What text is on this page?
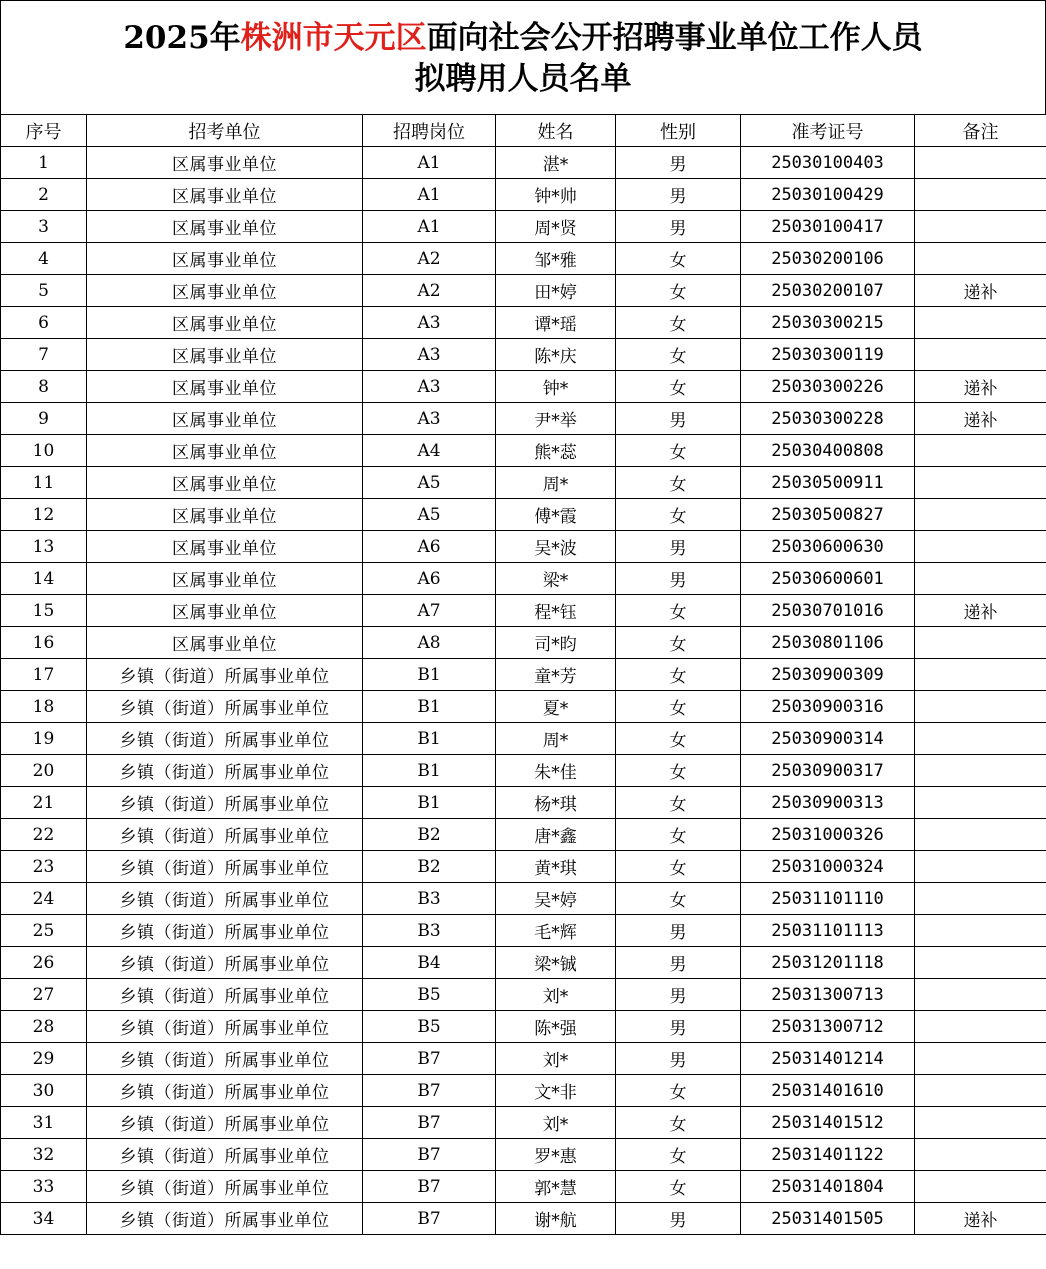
2025年株洲市天元区面向社会公开招聘事业单位工作人员
拟聘用人员名单
序号	招考单位	招聘岗位	姓名	性别	准考证号	备注
1	区属事业单位	A1	湛*	男	25030100403	
2	区属事业单位	A1	钟*帅	男	25030100429	
3	区属事业单位	A1	周*贤	男	25030100417	
4	区属事业单位	A2	邹*雅	女	25030200106	
5	区属事业单位	A2	田*婷	女	25030200107	递补
6	区属事业单位	A3	谭*瑶	女	25030300215	
7	区属事业单位	A3	陈*庆	女	25030300119	
8	区属事业单位	A3	钟*	女	25030300226	递补
9	区属事业单位	A3	尹*举	男	25030300228	递补
10	区属事业单位	A4	熊*蕊	女	25030400808	
11	区属事业单位	A5	周*	女	25030500911	
12	区属事业单位	A5	傅*霞	女	25030500827	
13	区属事业单位	A6	吴*波	男	25030600630	
14	区属事业单位	A6	梁*	男	25030600601	
15	区属事业单位	A7	程*钰	女	25030701016	递补
16	区属事业单位	A8	司*昀	女	25030801106	
17	乡镇（街道）所属事业单位	B1	童*芳	女	25030900309	
18	乡镇（街道）所属事业单位	B1	夏*	女	25030900316	
19	乡镇（街道）所属事业单位	B1	周*	女	25030900314	
20	乡镇（街道）所属事业单位	B1	朱*佳	女	25030900317	
21	乡镇（街道）所属事业单位	B1	杨*琪	女	25030900313	
22	乡镇（街道）所属事业单位	B2	唐*鑫	女	25031000326	
23	乡镇（街道）所属事业单位	B2	黄*琪	女	25031000324	
24	乡镇（街道）所属事业单位	B3	吴*婷	女	25031101110	
25	乡镇（街道）所属事业单位	B3	毛*辉	男	25031101113	
26	乡镇（街道）所属事业单位	B4	梁*铖	男	25031201118	
27	乡镇（街道）所属事业单位	B5	刘*	男	25031300713	
28	乡镇（街道）所属事业单位	B5	陈*强	男	25031300712	
29	乡镇（街道）所属事业单位	B7	刘*	男	25031401214	
30	乡镇（街道）所属事业单位	B7	文*非	女	25031401610	
31	乡镇（街道）所属事业单位	B7	刘*	女	25031401512	
32	乡镇（街道）所属事业单位	B7	罗*惠	女	25031401122	
33	乡镇（街道）所属事业单位	B7	郭*慧	女	25031401804	
34	乡镇（街道）所属事业单位	B7	谢*航	男	25031401505	递补
